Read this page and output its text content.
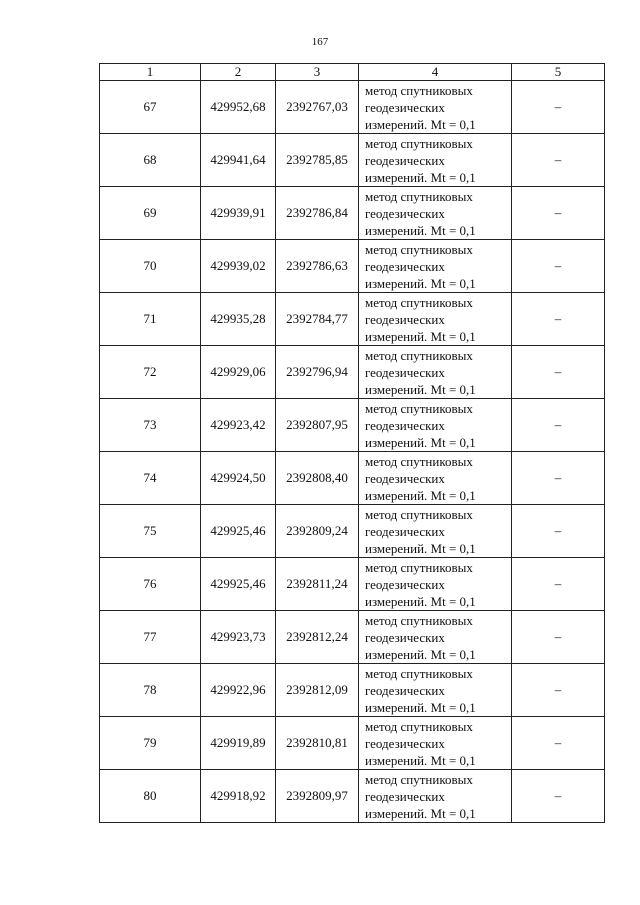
167
1	2	3	4	5
67	429952,68	2392767,03	метод спутниковых
геодезических
измерений. Mt = 0,1	–
68	429941,64	2392785,85	метод спутниковых
геодезических
измерений. Mt = 0,1	–
69	429939,91	2392786,84	метод спутниковых
геодезических
измерений. Mt = 0,1	–
70	429939,02	2392786,63	метод спутниковых
геодезических
измерений. Mt = 0,1	–
71	429935,28	2392784,77	метод спутниковых
геодезических
измерений. Mt = 0,1	–
72	429929,06	2392796,94	метод спутниковых
геодезических
измерений. Mt = 0,1	–
73	429923,42	2392807,95	метод спутниковых
геодезических
измерений. Mt = 0,1	–
74	429924,50	2392808,40	метод спутниковых
геодезических
измерений. Mt = 0,1	–
75	429925,46	2392809,24	метод спутниковых
геодезических
измерений. Mt = 0,1	–
76	429925,46	2392811,24	метод спутниковых
геодезических
измерений. Mt = 0,1	–
77	429923,73	2392812,24	метод спутниковых
геодезических
измерений. Mt = 0,1	–
78	429922,96	2392812,09	метод спутниковых
геодезических
измерений. Mt = 0,1	–
79	429919,89	2392810,81	метод спутниковых
геодезических
измерений. Mt = 0,1	–
80	429918,92	2392809,97	метод спутниковых
геодезических
измерений. Mt = 0,1	–
